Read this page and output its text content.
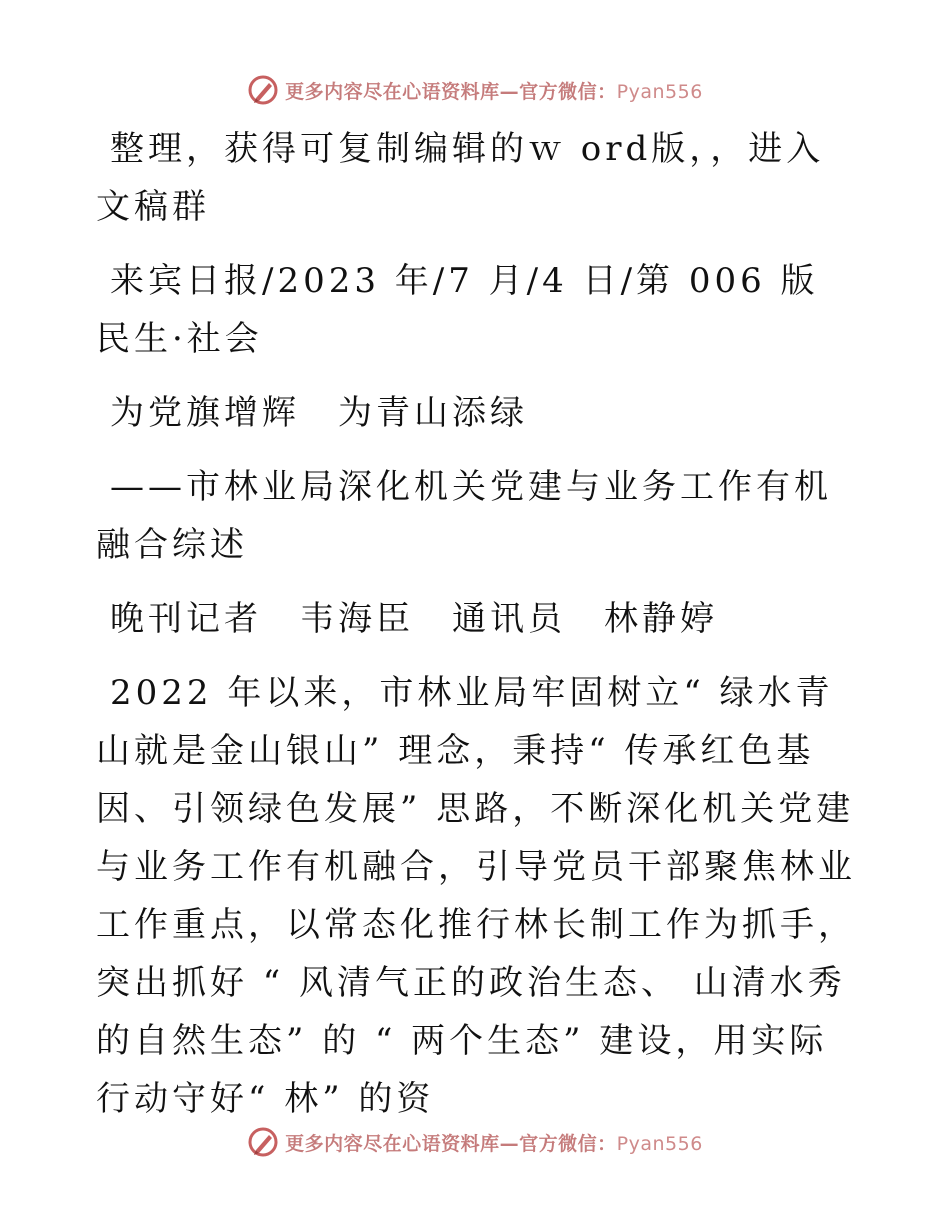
更多内容尽在心语资料库—官方微信：Pyan556

整理，获得可复制编辑的ｗ ord版，，进入文稿群

来宾日报/2023 年/7 月/4 日/第 006 版民生·社会

为党旗增辉　为青山添绿

——市林业局深化机关党建与业务工作有机融合综述

晚刊记者　韦海臣　通讯员　林静婷

2022 年以来，市林业局牢固树立“ 绿水青山就是金山银山” 理念，秉持“ 传承红色基因、引领绿色发展” 思路，不断深化机关党建与业务工作有机融合，引导党员干部聚焦林业工作重点，以常态化推行林长制工作为抓手， 突出抓好 “ 风清气正的政治生态、 山清水秀的自然生态” 的 “ 两个生态” 建设，用实际行动守好“ 林” 的资

更多内容尽在心语资料库—官方微信：Pyan556
